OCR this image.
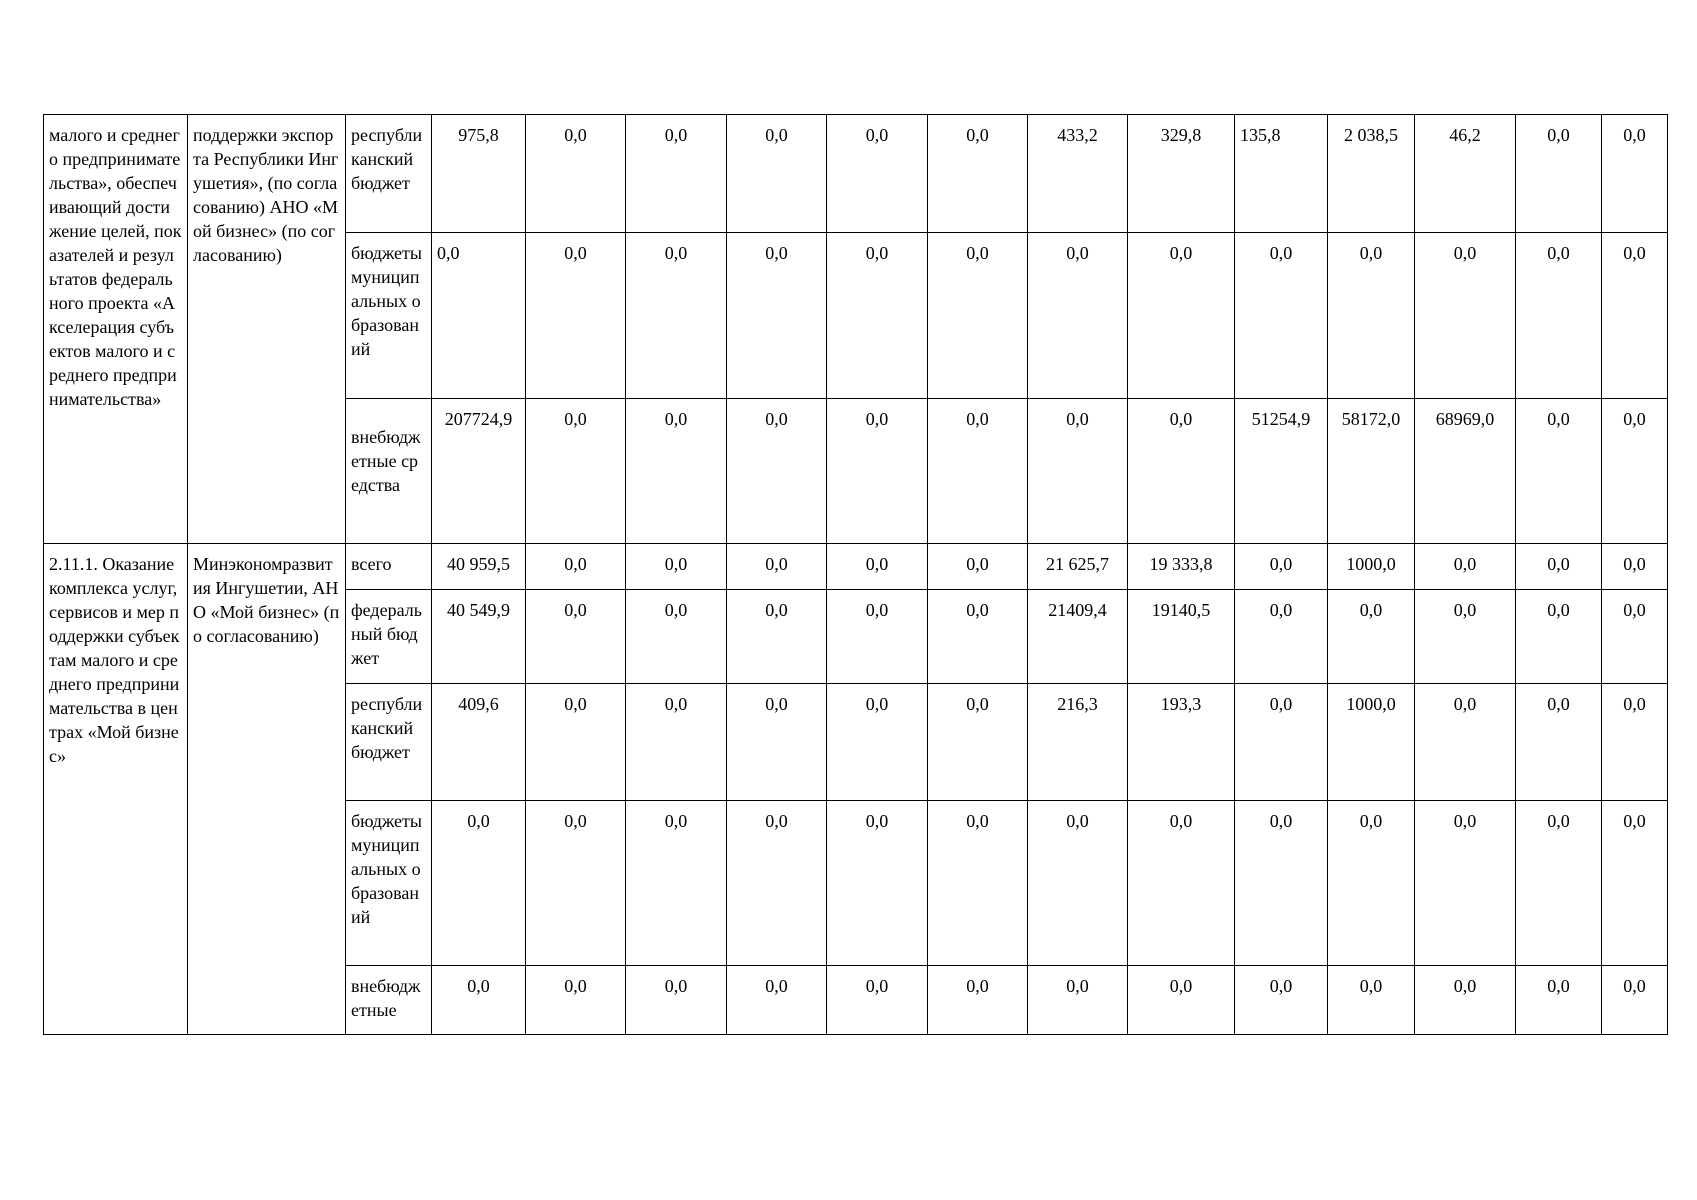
малого и среднего предпринимательства», обеспечивающий достижение целей, показателей и результатов федерального проекта «Акселерация субъектов малого и среднего предпринимательства»	поддержки экспорта Республики Ингушетия», (по согласованию) АНО «Мой бизнес» (по согласованию)	республиканский бюджет	975,8	0,0	0,0	0,0	0,0	0,0	433,2	329,8	135,8	2 038,5	46,2	0,0	0,0
		бюджеты муниципальных образований	0,0	0,0	0,0	0,0	0,0	0,0	0,0	0,0	0,0	0,0	0,0	0,0	0,0
		внебюджетные средства	207724,9	0,0	0,0	0,0	0,0	0,0	0,0	0,0	51254,9	58172,0	68969,0	0,0	0,0
2.11.1. Оказание комплекса услуг, сервисов и мер поддержки субъектам малого и среднего предпринимательства в центрах «Мой бизнес»	Минэкономразвития Ингушетии, АНО «Мой бизнес» (по согласованию)	всего	40 959,5	0,0	0,0	0,0	0,0	0,0	21 625,7	19 333,8	0,0	1000,0	0,0	0,0	0,0
		федеральный бюджет	40 549,9	0,0	0,0	0,0	0,0	0,0	21409,4	19140,5	0,0	0,0	0,0	0,0	0,0
		республиканский бюджет	409,6	0,0	0,0	0,0	0,0	0,0	216,3	193,3	0,0	1000,0	0,0	0,0	0,0
		бюджеты муниципальных образований	0,0	0,0	0,0	0,0	0,0	0,0	0,0	0,0	0,0	0,0	0,0	0,0	0,0
		внебюджетные	0,0	0,0	0,0	0,0	0,0	0,0	0,0	0,0	0,0	0,0	0,0	0,0	0,0
